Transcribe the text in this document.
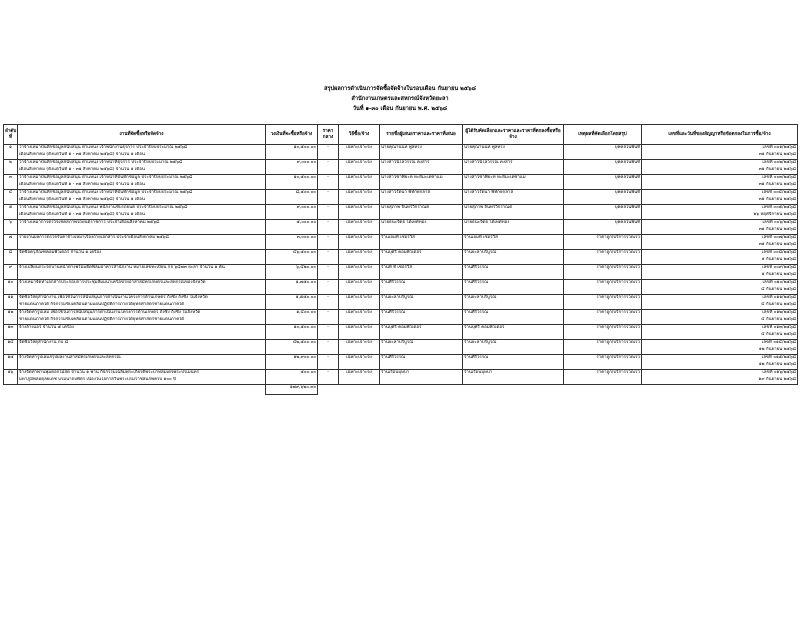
สรุปผลการดำเนินการจัดซื้อจัดจ้างในรอบเดือน กันยายน ๒๕๖๘
สำนักงานเกษตรและสหกรณ์จังหวัดยะลา
วันที่ ๑-๓๐ เดือน กันยายน พ.ศ. ๒๕๖๘
ลำดับที่	งานที่จัดซื้อหรือจัดจ้าง	วงเงินที่จะซื้อหรือจ้าง	ราคากลาง	วิธีซื้อ/จ้าง	รายชื่อผู้เสนอราคาและราคาที่เสนอ	ผู้ได้รับคัดเลือกและราคาและราคาที่ตกลงซื้อหรือจ้าง	เหตุผลที่คัดเลือกโดยสรุป	เลขที่และวันที่ของสัญญาหรือข้อตกลงในการซื้อ/จ้าง
๑	ว่าจ้างเหมาบันทึกข้อมูลสนับสนุน ตำแหน่ง เจ้าพนักงานธุรการ ประจำปีงบประมาณ ๒๕๖๘	๑๐,๕๐๐.๐๐	-	เฉพาะเจาะจง	นายคุณานนท์ พูลทรง	นายคุณานนท์ พูลทรง	บุคคลในพื้นที่	เลขที่ ๐๐๑/๒๕๖๘
	เดือนสิงหาคม (ตั้งแต่วันที่ ๑ - ๓๑ สิงหาคม ๒๕๖๘) จำนวน ๑ เดือน							๓๑ กันยายน ๒๕๖๘
๒	ว่าจ้างเหมาบันทึกข้อมูลสนับสนุน ตำแหน่ง เจ้าหน้าที่ธุรการ ประจำปีงบประมาณ ๒๕๖๘	๙,๐๐๐.๐๐	-	เฉพาะเจาะจง	นางสาวนิโลวรรณ คงสาร์	นางสาวนิโลวรรณ คงสาร์	บุคคลในพื้นที่	เลขที่ ๐๐๒/๒๕๖๘
	เดือนสิงหาคม (ตั้งแต่วันที่ ๑ - ๓๑ สิงหาคม ๒๕๖๘) จำนวน ๑ เดือน							๓๑ กันยายน ๒๕๖๘
๓	ว่าจ้างเหมาบันทึกข้อมูลสนับสนุน ตำแหน่ง เจ้าหน้าที่บันทึกข้อมูล ประจำปีงบประมาณ ๒๕๖๘	๑๐,๕๐๐.๐๐	-	เฉพาะเจาะจง	นางสาวซาฟียะห์ หะยีมะเด็ซาแม	นางสาวซาฟียะห์ หะยีมะเด็ซาแม	บุคคลในพื้นที่	เลขที่ ๐๐๓/๒๕๖๘
	เดือนสิงหาคม (ตั้งแต่วันที่ ๑ - ๓๑ สิงหาคม ๒๕๖๘) จำนวน ๑ เดือน							๓๑ กันยายน ๒๕๖๘
๔	ว่าจ้างเหมาบันทึกข้อมูลสนับสนุน ตำแหน่ง เจ้าหน้าที่บันทึกข้อมูล ประจำปีงบประมาณ ๒๕๖๘	๘,๕๐๐.๐๐	-	เฉพาะเจาะจง	นางสาวรัตนา พิทักษ์กลาส	นางสาวรัตนา พิทักษ์กลาส	บุคคลในพื้นที่	เลขที่ ๐๐๔/๒๕๖๘
	เดือนสิงหาคม (ตั้งแต่วันที่ ๑ - ๓๑ สิงหาคม ๒๕๖๘) จำนวน ๑ เดือน							๓๑ กันยายน ๒๕๖๘
๕	ว่าจ้างเหมาบันทึกข้อมูลสนับสนุน ตำแหน่ง พนักงานขับรถยนต์ ประจำปีงบประมาณ ๒๕๖๘	๙,๐๐๐.๐๐	-	เฉพาะเจาะจง	นายสุภาพ จินทร์วิกราณต์	นายสุภาพ จินทร์วิกราณต์	บุคคลในพื้นที่	เลขที่ ๐๐๕/๒๕๖๘
	เดือนสิงหาคม (ตั้งแต่วันที่ ๑ - ๓๑ สิงหาคม ๒๕๖๘) จำนวน ๑ เดือน							๒๖ พฤศจิกายน ๒๕๖๘
๖	ว่าจ้างเหมาการตรวจเช็คสภาพรถยนต์ราชการ ประจำเดือนสิงหาคม ๒๕๖๘	๕,๐๐๐.๐๐	-	เฉพาะเจาะจง	นายธนะจิตจ ได้เทศทอง	นายธนะจิตจ ได้เทศทอง	บุคคลในพื้นที่	เลขที่ ๐๐๖/๒๕๖๘
								๓๑ กันยายน ๒๕๖๘
๗	รายงานผลการตรวจรับค่าจ้างเหมาเรื่องถ่ายเอกสาร ประจำเดือนสิงหาคม ๒๕๖๘	๓,๐๐๐.๐๐	-	เฉพาะเจาะจง	ร้านเอ็มที เซอร์วิส	ร้านเอ็มที เซอร์วิส	ราคาถูก/บริการรวดเร็ว	เลขที่ ๐๐๗/๒๕๖๘
								๓๑ กันยายน ๒๕๖๘
๘	จัดซื้อครุภัณฑ์คอมพิวเตอร์ จำนวน ๑ เครื่อง	๔๖,๕๐๐.๐๐	-	เฉพาะเจาะจง	ร้านบุศรี คอมพิวเตอร์	ร้านยะลาบริบูรณ์	ราคาถูก/บริการรวดเร็ว	เลขที่ ๐๐๘/๒๕๖๘
								๑ กันยายน ๒๕๖๘
๙	จ้างเปลี่ยนกระจกบานหน้าต่างพร้อมติดฟิล์มอาคารสำนักงาน หมายเลขทะเบียน กจ ๖๔๗๓ ยะลา จำนวน ๑ คัน	๖,๔๒๐.๐๐	-	เฉพาะเจาะจง	ร้านที ที เซอร์วิส	ร้านศิริวรรณ	ราคาถูก/บริการรวดเร็ว	เลขที่ ๐๐๙/๒๕๖๘
								๑ กันยายน ๒๕๖๘
๑๐	จ้างเหมาจัดทำเอกสารประกอบการประชุมสัมมนาเครือข่ายอาสาสมัครเกษตรและสหกรณ์ของจังหวัด	๑,๗๕๐.๐๐	-	เฉพาะเจาะจง	ร้านศิริวรรณ	ร้านศิริวรรณ	ราคาถูก/บริการรวดเร็ว	เลขที่ ๐๑๐/๒๕๖๘
								๔ กันยายน ๒๕๖๘
๑๑	จัดซื้อวัสดุสำนักงาน เพื่อใช้ในการสนับสนุนการดำเนินงานโครงการด้านเกษตร ถังซึ้ง ถังซึ้ง ในจังหวัด	๑,๕๕๐.๐๐	-	เฉพาะเจาะจง	ร้านยะลาบริบูรณ์	ร้านยะลาบริบูรณ์	ราคาถูก/บริการรวดเร็ว	เลขที่ ๐๑๑/๒๕๖๘
	ชายแดนภาคใต้ กิจกรรมขับเคลื่อนตามแผนปฏิบัติการภายใต้ยุทธศาสตร์ชายแดนภาคใต้							๔ กันยายน ๒๕๖๘
๑๒	จ้างจัดทำรูปเล่ม เพื่อใช้ในการสนับสนุนการดำเนินงานโครงการด้านเกษตร ถังซึ้ง ถังซึ้ง ในจังหวัด	๑,๔๐๐.๐๐	-	เฉพาะเจาะจง	ร้านศิริวรรณ	ร้านศิริวรรณ	ราคาถูก/บริการรวดเร็ว	เลขที่ ๐๑๒/๒๕๖๘
	ชายแดนภาคใต้ กิจกรรมขับเคลื่อนตามแผนปฏิบัติการภายใต้ยุทธศาสตร์ชายแดนภาคใต้							๔ กันยายน ๒๕๖๘
๑๓	จ้างล้างแอร์ จำนวน ๕ เครื่อง	๑๐,๕๐๐.๐๐	-	เฉพาะเจาะจง	ร้านบุศรี คอมพิวเตอร์	ร้านบุศรี คอมพิวเตอร์	ราคาถูก/บริการรวดเร็ว	เลขที่ ๐๑๓/๒๕๖๘
								๔ กันยายน ๒๕๖๘
๑๔	จัดซื้อวัสดุสำนักงาน กบ ๘	๔๒,๕๐๐.๐๐	-	เฉพาะเจาะจง	ร้านยะลาบริบูรณ์	ร้านยะลาบริบูรณ์	ราคาถูก/บริการรวดเร็ว	เลขที่ ๐๑๔/๒๕๖๘
								๑๒ กันยายน ๒๕๖๘
๑๕	จ้างจัดทำรูปเล่มสรุปผลงานสาสมัครเกษตรและสหกรณ์	๑๒,๙๐๐.๐๐	-	เฉพาะเจาะจง	ร้านศิริวรรณ	ร้านศิริวรรณ	ราคาถูก/บริการรวดเร็ว	เลขที่ ๐๑๕/๒๕๖๘
								๑๒ กันยายน ๒๕๖๘
๑๖	จ้างจัดทำพานพุ่มดอกไม้สด จำนวน ๑ พาน กิจกรรมเฉลิมพระเกียรติพระบาทสมเด็จพระปรเมนทร	๕๐๐.๐๐	-	เฉพาะเจาะจง	ร้านเรือนบุษบา	ร้านเรือนบุษบา	ราคาถูก/บริการรวดเร็ว	เลขที่ ๐๑๖/๒๕๖๘
	มหาภูมิพลอดุลยเดช บรมนาถบพิตร เนื่องในโอกาสวันพระบรมราชสมภพครบ ๑๐๐ ปี							๑๙ กันยายน ๒๕๖๘
		๑๗๙,๖๒๐.๓๐						
